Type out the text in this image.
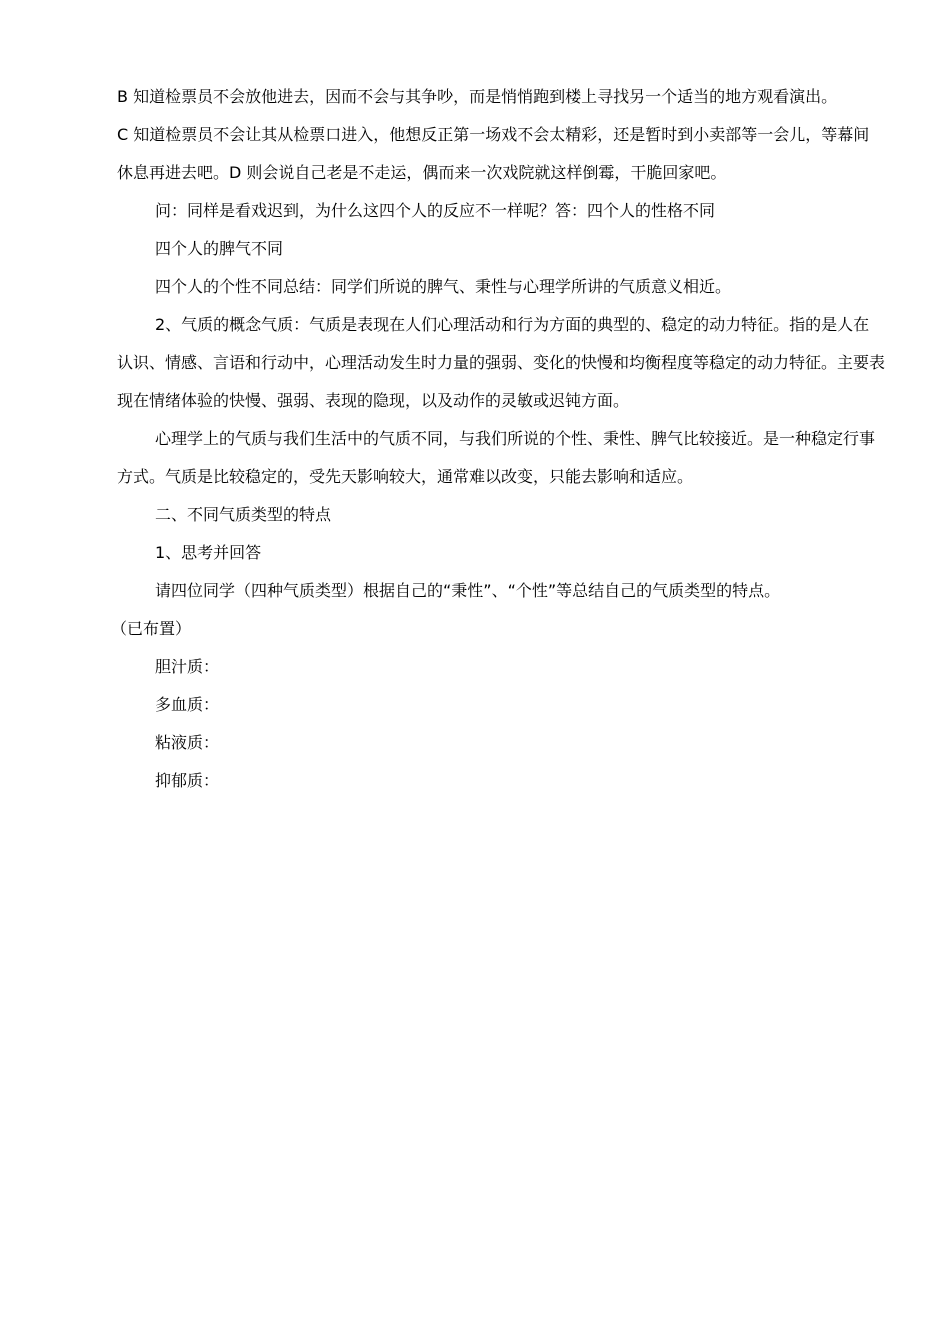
B 知道检票员不会放他进去，因而不会与其争吵，而是悄悄跑到楼上寻找另一个适当的地方观看演出。

C 知道检票员不会让其从检票口进入，他想反正第一场戏不会太精彩，还是暂时到小卖部等一会儿，等幕间休息再进去吧。D 则会说自己老是不走运，偶而来一次戏院就这样倒霉，干脆回家吧。

问：同样是看戏迟到，为什么这四个人的反应不一样呢？答：四个人的性格不同

四个人的脾气不同

四个人的个性不同总结：同学们所说的脾气、秉性与心理学所讲的气质意义相近。

2、气质的概念气质：气质是表现在人们心理活动和行为方面的典型的、稳定的动力特征。指的是人在认识、情感、言语和行动中，心理活动发生时力量的强弱、变化的快慢和均衡程度等稳定的动力特征。主要表现在情绪体验的快慢、强弱、表现的隐现，以及动作的灵敏或迟钝方面。

心理学上的气质与我们生活中的气质不同，与我们所说的个性、秉性、脾气比较接近。是一种稳定行事方式。气质是比较稳定的，受先天影响较大，通常难以改变，只能去影响和适应。

二、不同气质类型的特点

1、思考并回答

请四位同学（四种气质类型）根据自己的“秉性”、“个性”等总结自己的气质类型的特点。

（已布置）

胆汁质：

多血质：

粘液质：

抑郁质：
